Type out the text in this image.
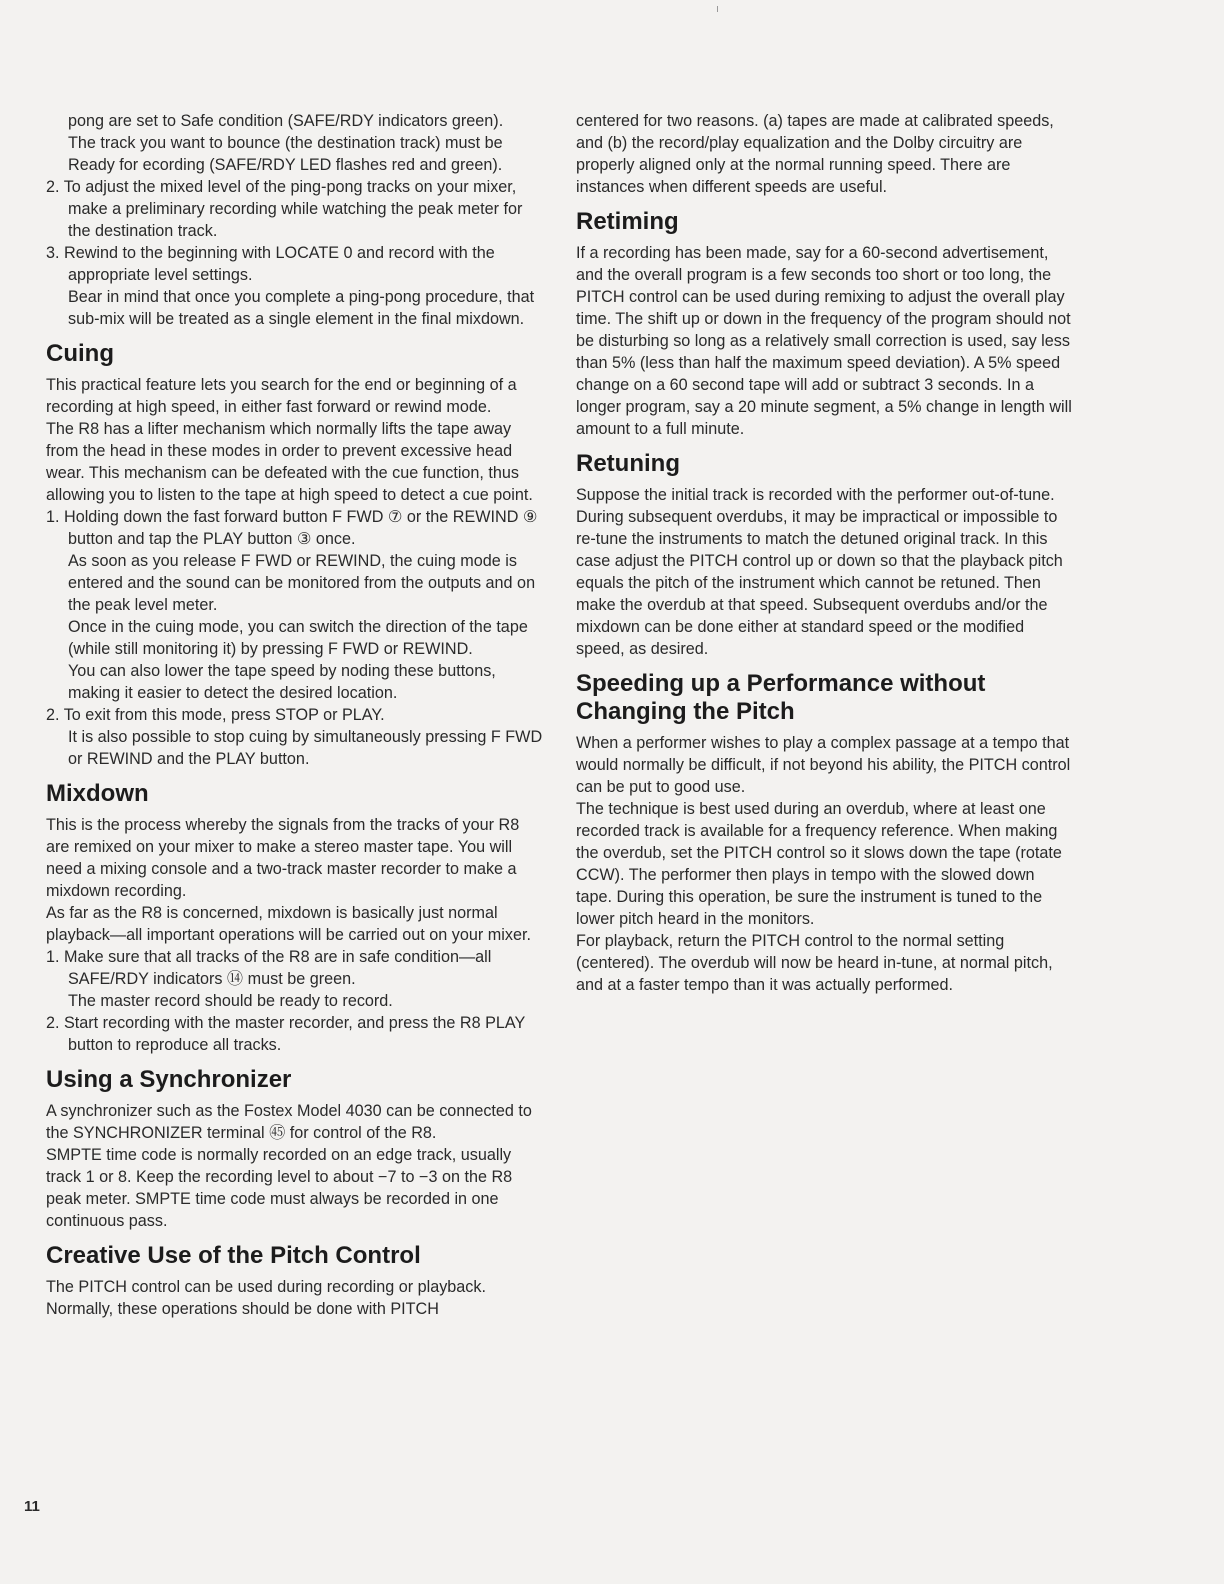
pong are set to Safe condition (SAFE/RDY indicators green).

The track you want to bounce (the destination track) must be Ready for ecording (SAFE/RDY LED flashes red and green).

2. To adjust the mixed level of the ping-pong tracks on your mixer, make a preliminary recording while watching the peak meter for the destination track.

3. Rewind to the beginning with LOCATE 0 and record with the appropriate level settings.

Bear in mind that once you complete a ping-pong procedure, that sub-mix will be treated as a single element in the final mixdown.

Cuing

This practical feature lets you search for the end or beginning of a recording at high speed, in either fast forward or rewind mode.

The R8 has a lifter mechanism which normally lifts the tape away from the head in these modes in order to prevent excessive head wear. This mechanism can be defeated with the cue function, thus allowing you to listen to the tape at high speed to detect a cue point.

1. Holding down the fast forward button F FWD ⑦ or the REWIND ⑨ button and tap the PLAY button ③ once.

As soon as you release F FWD or REWIND, the cuing mode is entered and the sound can be monitored from the outputs and on the peak level meter.

Once in the cuing mode, you can switch the direction of the tape (while still monitoring it) by pressing F FWD or REWIND.

You can also lower the tape speed by noding these buttons, making it easier to detect the desired location.

2. To exit from this mode, press STOP or PLAY.

It is also possible to stop cuing by simultaneously pressing F FWD or REWIND and the PLAY button.

Mixdown

This is the process whereby the signals from the tracks of your R8 are remixed on your mixer to make a stereo master tape. You will need a mixing console and a two-track master recorder to make a mixdown recording.

As far as the R8 is concerned, mixdown is basically just normal playback—all important operations will be carried out on your mixer.

1. Make sure that all tracks of the R8 are in safe condition—all SAFE/RDY indicators ⑭ must be green.

The master record should be ready to record.

2. Start recording with the master recorder, and press the R8 PLAY button to reproduce all tracks.

Using a Synchronizer

A synchronizer such as the Fostex Model 4030 can be connected to the SYNCHRONIZER terminal ㊺ for control of the R8.

SMPTE time code is normally recorded on an edge track, usually track 1 or 8. Keep the recording level to about −7 to −3 on the R8 peak meter. SMPTE time code must always be recorded in one continuous pass.

Creative Use of the Pitch Control

The PITCH control can be used during recording or playback. Normally, these operations should be done with PITCH

centered for two reasons. (a) tapes are made at calibrated speeds, and (b) the record/play equalization and the Dolby circuitry are properly aligned only at the normal running speed. There are instances when different speeds are useful.

Retiming

If a recording has been made, say for a 60-second advertisement, and the overall program is a few seconds too short or too long, the PITCH control can be used during remixing to adjust the overall play time. The shift up or down in the frequency of the program should not be disturbing so long as a relatively small correction is used, say less than 5% (less than half the maximum speed deviation). A 5% speed change on a 60 second tape will add or subtract 3 seconds. In a longer program, say a 20 minute segment, a 5% change in length will amount to a full minute.

Retuning

Suppose the initial track is recorded with the performer out-of-tune. During subsequent overdubs, it may be impractical or impossible to re-tune the instruments to match the detuned original track. In this case adjust the PITCH control up or down so that the playback pitch equals the pitch of the instrument which cannot be retuned. Then make the overdub at that speed. Subsequent overdubs and/or the mixdown can be done either at standard speed or the modified speed, as desired.

Speeding up a Performance without Changing the Pitch

When a performer wishes to play a complex passage at a tempo that would normally be difficult, if not beyond his ability, the PITCH control can be put to good use.

The technique is best used during an overdub, where at least one recorded track is available for a frequency reference. When making the overdub, set the PITCH control so it slows down the tape (rotate CCW). The performer then plays in tempo with the slowed down tape. During this operation, be sure the instrument is tuned to the lower pitch heard in the monitors.

For playback, return the PITCH control to the normal setting (centered). The overdub will now be heard in-tune, at normal pitch, and at a faster tempo than it was actually performed.

11
